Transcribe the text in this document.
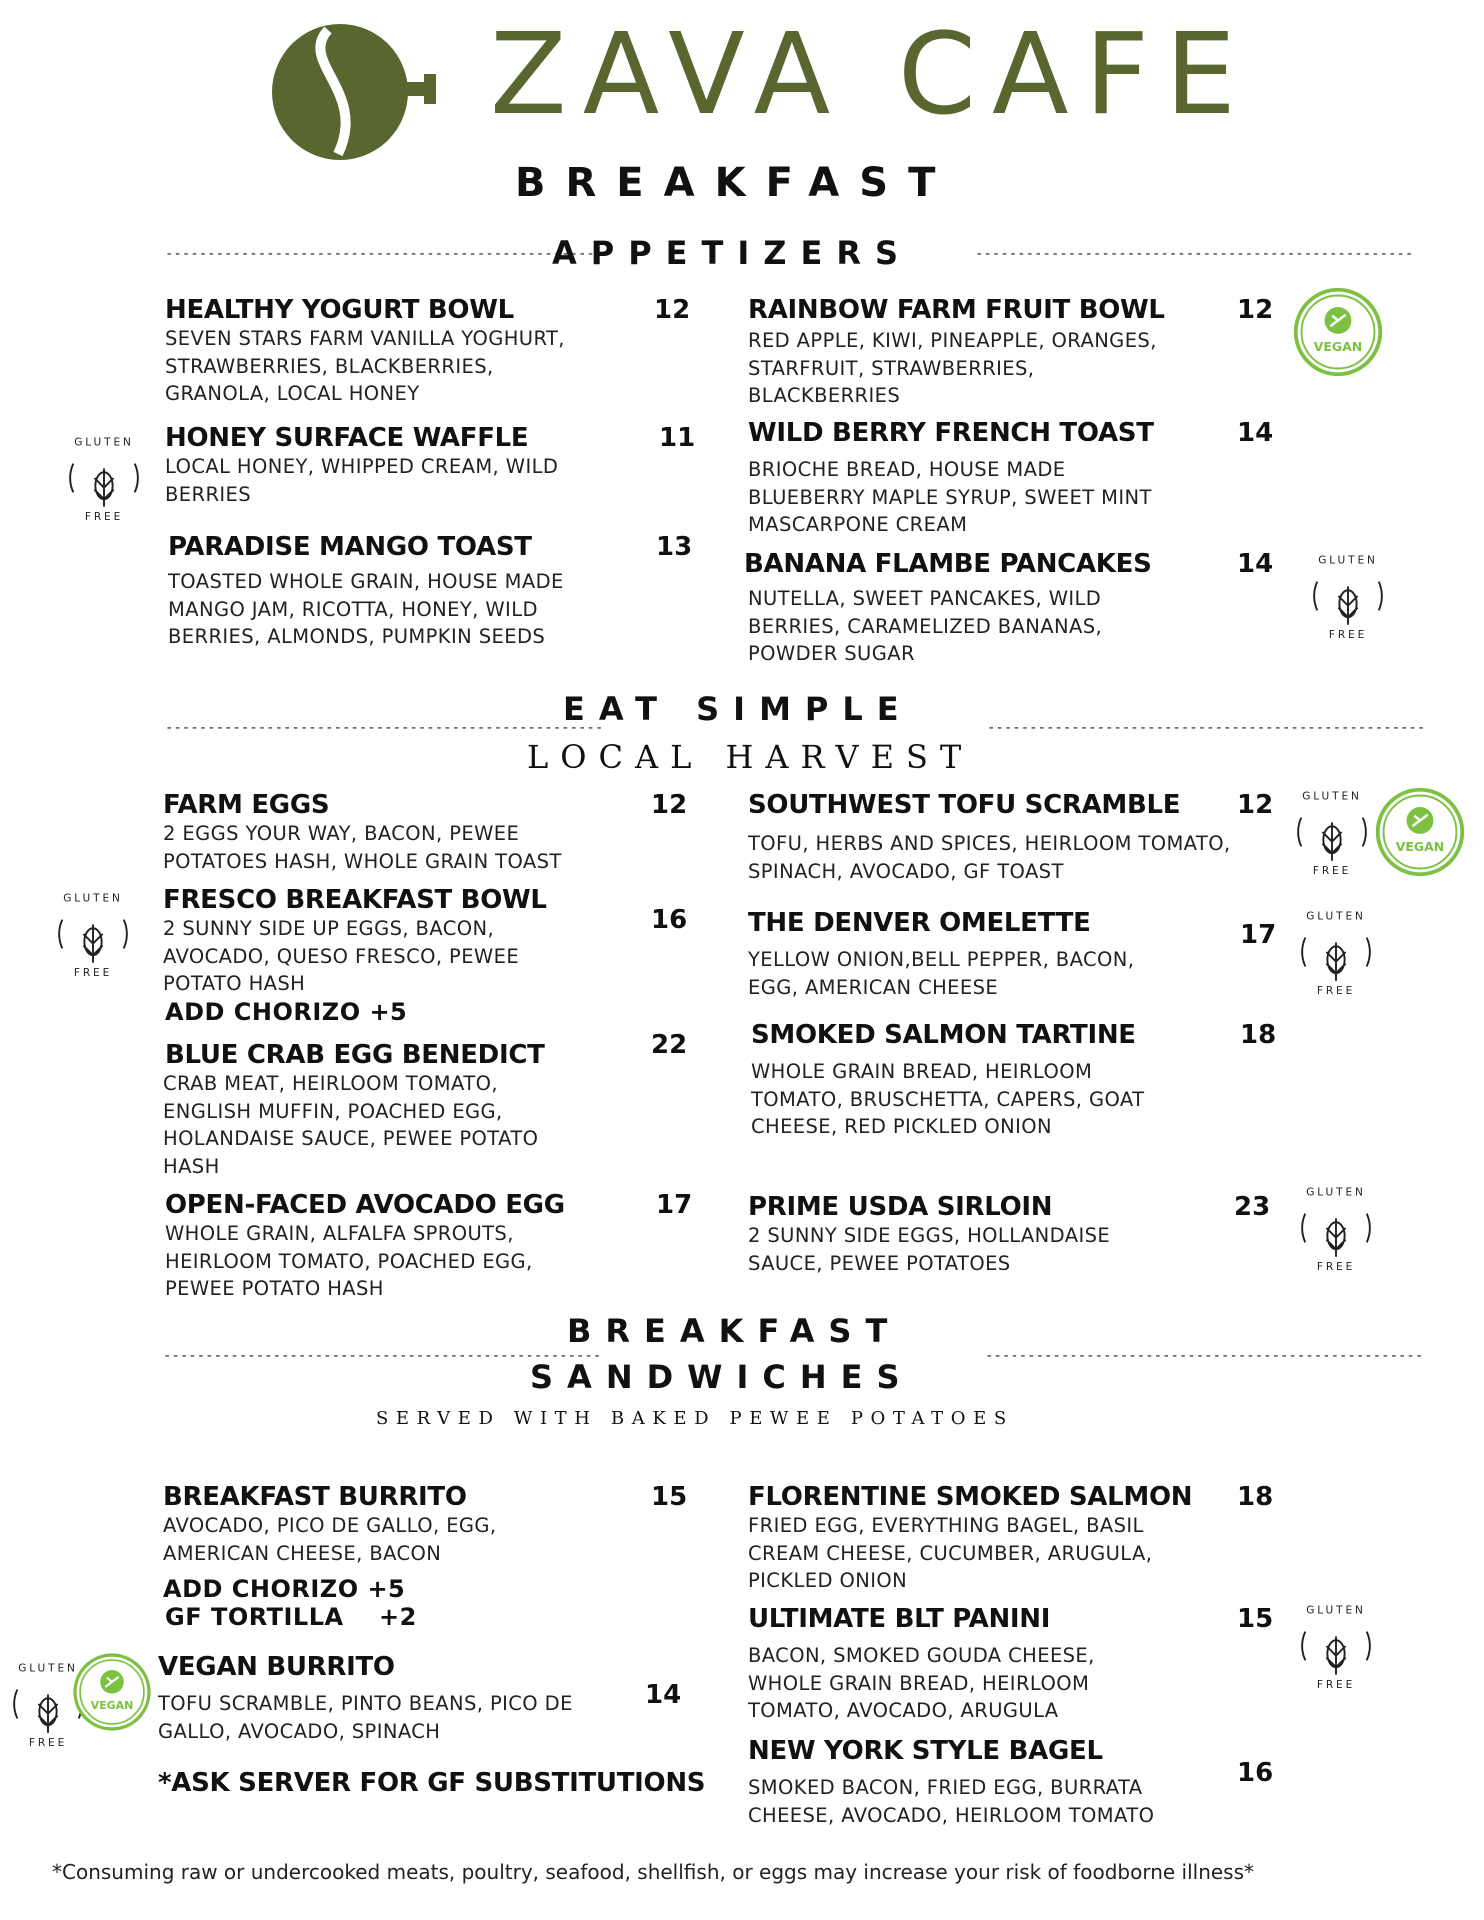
ZAVA CAFE
BREAKFAST
----------------------------------------------------
APPETIZERS	----------------------------------------------------
HEALTHY YOGURT BOWL
SEVEN STARS FARM VANILLA YOGHURT,
STRAWBERRIES, BLACKBERRIES,
GRANOLA, LOCAL HONEY
12
HONEY SURFACE WAFFLE
LOCAL HONEY, WHIPPED CREAM, WILD
BERRIES
11
PARADISE MANGO TOAST
TOASTED WHOLE GRAIN, HOUSE MADE
MANGO JAM, RICOTTA, HONEY, WILD
BERRIES, ALMONDS, PUMPKIN SEEDS
13
RAINBOW FARM FRUIT BOWL
RED APPLE, KIWI, PINEAPPLE, ORANGES,
STARFRUIT, STRAWBERRIES,
BLACKBERRIES
12
WILD BERRY FRENCH TOAST
BRIOCHE BREAD, HOUSE MADE
BLUEBERRY MAPLE SYRUP, SWEET MINT
MASCARPONE CREAM
14
BANANA FLAMBE PANCAKES
NUTELLA, SWEET PANCAKES, WILD
BERRIES, CARAMELIZED BANANAS,
POWDER SUGAR
14
----------------------------------------------------
EAT SIMPLE	----------------------------------------------------
LOCAL HARVEST
FARM EGGS
2 EGGS YOUR WAY, BACON, PEWEE
POTATOES HASH, WHOLE GRAIN TOAST
12
FRESCO BREAKFAST BOWL
2 SUNNY SIDE UP EGGS, BACON,
AVOCADO, QUESO FRESCO, PEWEE
POTATO HASH
ADD CHORIZO +5
16
BLUE CRAB EGG BENEDICT
CRAB MEAT, HEIRLOOM TOMATO,
ENGLISH MUFFIN, POACHED EGG,
HOLANDAISE SAUCE, PEWEE POTATO
HASH
22
OPEN-FACED AVOCADO EGG
WHOLE GRAIN, ALFALFA SPROUTS,
HEIRLOOM TOMATO, POACHED EGG,
PEWEE POTATO HASH
17
SOUTHWEST TOFU SCRAMBLE
TOFU, HERBS AND SPICES, HEIRLOOM TOMATO,
SPINACH, AVOCADO, GF TOAST
12
THE DENVER OMELETTE
YELLOW ONION,BELL PEPPER, BACON,
EGG, AMERICAN CHEESE
17
SMOKED SALMON TARTINE
WHOLE GRAIN BREAD, HEIRLOOM
TOMATO, BRUSCHETTA, CAPERS, GOAT
CHEESE, RED PICKLED ONION
18
PRIME USDA SIRLOIN
2 SUNNY SIDE EGGS, HOLLANDAISE
SAUCE, PEWEE POTATOES
23
BREAKFAST
----------------------------------------------------
SANDWICHES
----------------------------------------------------
SERVED WITH BAKED PEWEE POTATOES
BREAKFAST BURRITO
AVOCADO, PICO DE GALLO, EGG,
AMERICAN CHEESE, BACON
ADD CHORIZO +5
GF TORTILLA    +2
15
VEGAN BURRITO
TOFU SCRAMBLE, PINTO BEANS, PICO DE
GALLO, AVOCADO, SPINACH
14
*ASK SERVER FOR GF SUBSTITUTIONS
FLORENTINE SMOKED SALMON
FRIED EGG, EVERYTHING BAGEL, BASIL
CREAM CHEESE, CUCUMBER, ARUGULA,
PICKLED ONION
18
ULTIMATE BLT PANINI
BACON, SMOKED GOUDA CHEESE,
WHOLE GRAIN BREAD, HEIRLOOM
TOMATO, AVOCADO, ARUGULA
15
NEW YORK STYLE BAGEL
SMOKED BACON, FRIED EGG, BURRATA
CHEESE, AVOCADO, HEIRLOOM TOMATO
16
GLUTEN
FREE
GLUTEN
FREE
GLUTEN
FREE
GLUTEN
FREE
GLUTEN
FREE
GLUTEN
FREE
GLUTEN
FREE
GLUTEN
FREE
VEGAN
VEGAN
VEGAN
*Consuming raw or undercooked meats, poultry, seafood, shellfish, or eggs may increase your risk of foodborne illness*
